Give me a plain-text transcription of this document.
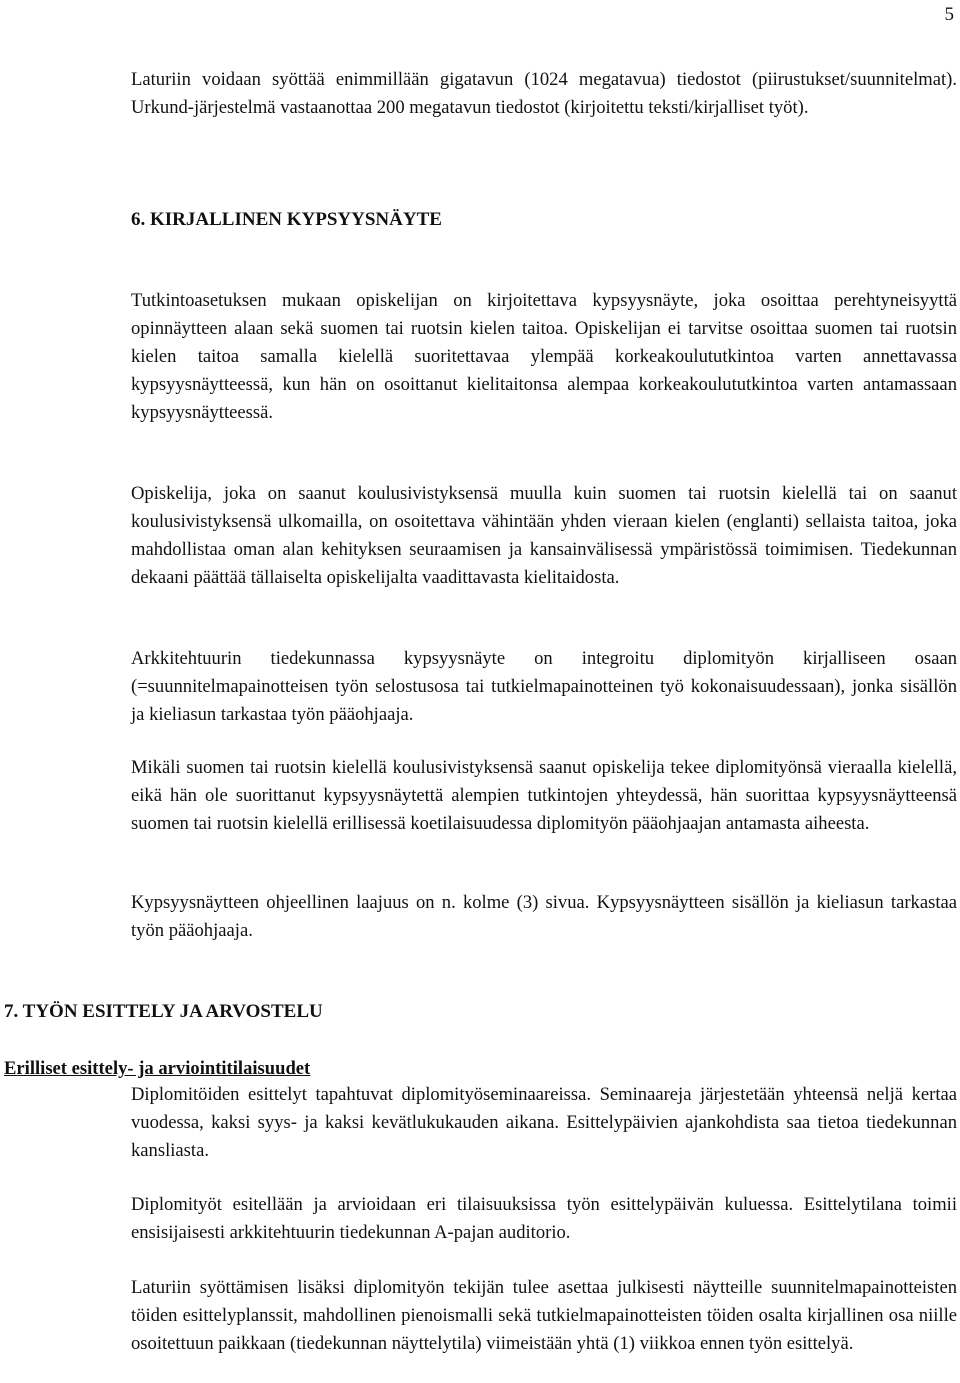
5

Laturiin voidaan syöttää enimmillään gigatavun (1024 megatavua) tiedostot (piirustukset/suunnitelmat). Urkund-järjestelmä vastaanottaa 200 megatavun tiedostot (kirjoitettu teksti/kirjalliset työt).

6. KIRJALLINEN KYPSYYSNÄYTE

Tutkintoasetuksen mukaan opiskelijan on kirjoitettava kypsyysnäyte, joka osoittaa perehtyneisyyttä opinnäytteen alaan sekä suomen tai ruotsin kielen taitoa. Opiskelijan ei tarvitse osoittaa suomen tai ruotsin kielen taitoa samalla kielellä suoritettavaa ylempää korkeakoulututkintoa varten annettavassa kypsyysnäytteessä, kun hän on osoittanut kielitaitonsa alempaa korkeakoulututkintoa varten antamassaan kypsyysnäytteessä.

Opiskelija, joka on saanut koulusivistyksensä muulla kuin suomen tai ruotsin kielellä tai on saanut koulusivistyksensä ulkomailla, on osoitettava vähintään yhden vieraan kielen (englanti) sellaista taitoa, joka mahdollistaa oman alan kehityksen seuraamisen ja kansainvälisessä ympäristössä toimimisen. Tiedekunnan dekaani päättää tällaiselta opiskelijalta vaadittavasta kielitaidosta.

Arkkitehtuurin tiedekunnassa kypsyysnäyte on integroitu diplomityön kirjalliseen osaan (=suunnitelmapainotteisen työn selostusosa tai tutkielmapainotteinen työ kokonaisuudessaan), jonka sisällön ja kieliasun tarkastaa työn pääohjaaja.

Mikäli suomen tai ruotsin kielellä koulusivistyksensä saanut opiskelija tekee diplomityönsä vieraalla kielellä, eikä hän ole suorittanut kypsyysnäytettä alempien tutkintojen yhteydessä, hän suorittaa kypsyysnäytteensä suomen tai ruotsin kielellä erillisessä koetilaisuudessa diplomityön pääohjaajan antamasta aiheesta.

Kypsyysnäytteen ohjeellinen laajuus on n. kolme (3) sivua. Kypsyysnäytteen sisällön ja kieliasun tarkastaa työn pääohjaaja.

7. TYÖN ESITTELY JA ARVOSTELU
Erilliset esittely- ja arviointitilaisuudet

Diplomitöiden esittelyt tapahtuvat diplomityöseminaareissa. Seminaareja järjestetään yhteensä neljä kertaa vuodessa, kaksi syys- ja kaksi kevätlukukauden aikana. Esittelypäivien ajankohdista saa tietoa tiedekunnan kansliasta.

Diplomityöt esitellään ja arvioidaan eri tilaisuuksissa työn esittelypäivän kuluessa. Esittelytilana toimii ensisijaisesti arkkitehtuurin tiedekunnan A-pajan auditorio.

Laturiin syöttämisen lisäksi diplomityön tekijän tulee asettaa julkisesti näytteille suunnitelmapainotteisten töiden esittelyplanssit, mahdollinen pienoismalli sekä tutkielmapainotteisten töiden osalta kirjallinen osa niille osoitettuun paikkaan (tiedekunnan näyttelytila) viimeistään yhtä (1) viikkoa ennen työn esittelyä.
